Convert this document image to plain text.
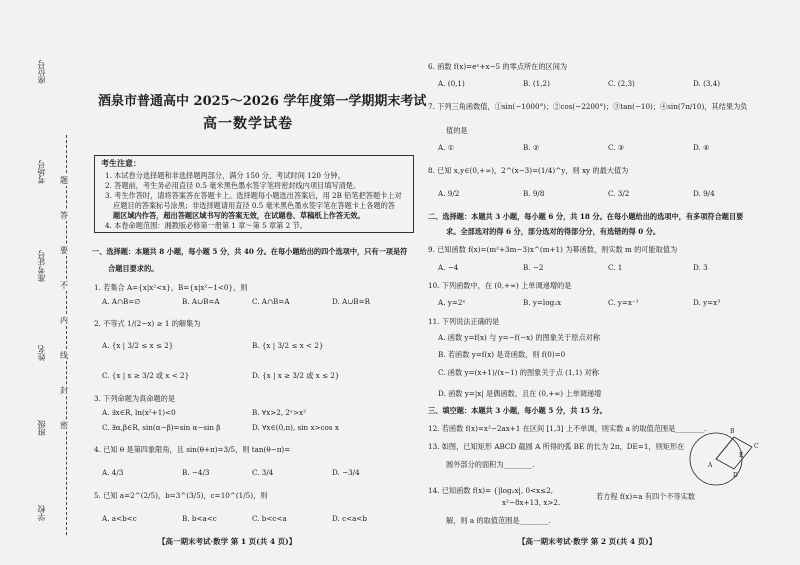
学校
班级
姓名
准考证号
考场号
座位号
题
答
要
不
内
线
封
密
酒泉市普通高中 2025～2026 学年度第一学期期末考试
高一数学试卷
考生注意：
1. 本试卷分选择题和非选择题两部分，满分 150 分，考试时间 120 分钟。
2. 答题前，考生务必用直径 0.5 毫米黑色墨水签字笔将密封线内项目填写清楚。
3. 考生作答时，请将答案答在答题卡上。选择题每小题选出答案后，用 2B 铅笔把答题卡上对
应题目的答案标号涂黑；非选择题请用直径 0.5 毫米黑色墨水签字笔在答题卡上各题的答
题区域内作答，超出答题区域书写的答案无效，在试题卷、草稿纸上作答无效。
4. 本卷命题范围：湘教版必修第一册第 1 章～第 5 章第 2 节。
一、选择题：本题共 8 小题，每小题 5 分，共 40 分。在每小题给出的四个选项中，只有一项是符
合题目要求的。
1. 若集合 A={x|x²<x}，B={x|x²−1<0}，则
A. A∩B=∅	B. A∪B=A	C. A∩B=A	D. A∪B=R
2. 不等式 1/(2−x) ≥ 1 的解集为
A. {x | 3/2 ≤ x ≤ 2}	B. {x | 3/2 ≤ x < 2}
C. {x | x ≥ 3/2 或 x < 2}	D. {x | x ≥ 3/2 或 x ≤ 2}
3. 下列命题为真命题的是
A. ∃x∈R, ln(x²+1)<0	B. ∀x>2, 2ˣ>x²
C. ∃α,β∈R, sin(α−β)=sin α−sin β	D. ∀x∈(0,π), sin x>cos x
4. 已知 θ 是第四象限角，且 sin(θ+π)=3/5，则 tan(θ−π)=
A. 4/3	B. −4/3	C. 3/4	D. −3/4
5. 已知 a=2^(2/5)，b=3^(3/5)，c=10^(1/5)，则
A. a<b<c	B. b<a<c	C. b<c<a	D. c<a<b
【高一期末考试·数学 第 1 页(共 4 页)】
6. 函数 f(x)=eˣ+x−5 的零点所在的区间为
A. (0,1)	B. (1,2)	C. (2,3)	D. (3,4)
7. 下列三角函数值，①sin(−1000°)；②cos(−2200°)；③tan(−10)；④sin(7π/10)，其结果为负
值的是
A. ①	B. ②	C. ③	D. ④
8. 已知 x,y∈(0,+∞)，2^(x−3)=(1/4)^y，则 xy 的最大值为
A. 9/2	B. 9/8	C. 3/2	D. 9/4
二、选择题：本题共 3 小题，每小题 6 分，共 18 分。在每小题给出的选项中，有多项符合题目要
求。全部选对的得 6 分，部分选对的得部分分，有选错的得 0 分。
9. 已知函数 f(x)=(m²+3m−3)x^(m+1) 为幂函数，则实数 m 的可能取值为
A. −4	B. −2	C. 1	D. 3
10. 下列函数中，在 (0,+∞) 上单调递增的是
A. y=2ˣ	B. y=log₂x	C. y=x⁻¹	D. y=x³
11. 下列说法正确的是
A. 函数 y=f(x) 与 y=−f(−x) 的图象关于原点对称
B. 若函数 y=f(x) 是奇函数，则 f(0)=0
C. 函数 y=(x+1)/(x−1) 的图象关于点 (1,1) 对称
D. 函数 y=|x| 是偶函数，且在 (0,+∞) 上单调递增
三、填空题：本题共 3 小题，每小题 5 分，共 15 分。
12. 若函数 f(x)=x²−2ax+1 在区间 [1,3] 上不单调，则实数 a 的取值范围是________.
13. 如图，已知矩形 ABCD 截圆 A 所得的弧 BE 的长为 2π，DE=1，则矩形在
圆外部分的面积为________.
14. 已知函数 f(x)= {|log₂x|, 0<x≤2,
x²−8x+13, x>2.
若方程 f(x)=a 有四个不等实数
解，则 a 的取值范围是________.
A
B
C
D
E
【高一期末考试·数学 第 2 页(共 4 页)】
